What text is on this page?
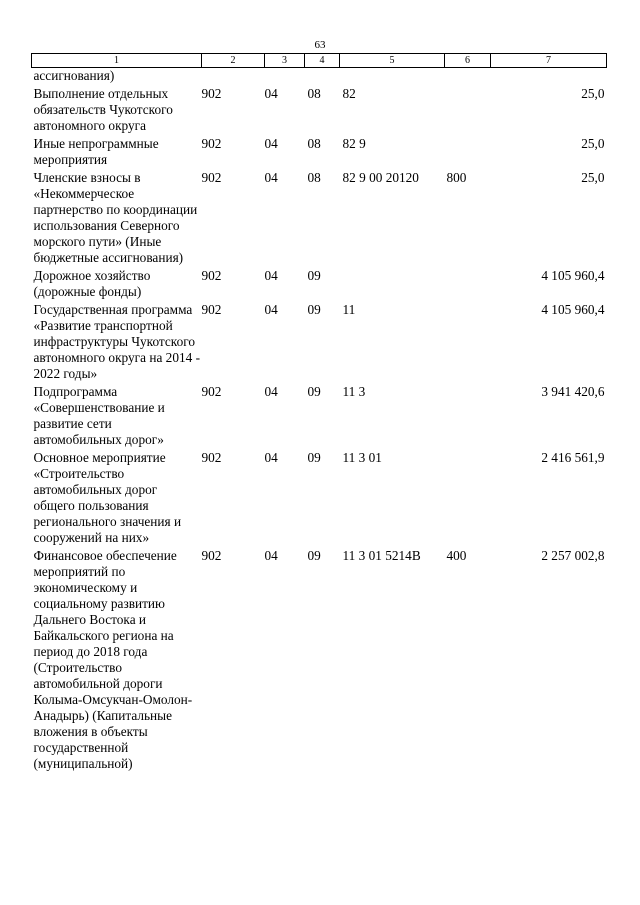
63
1	2	3	4	5	6	7
ассигнования)						
Выполнение отдельных обязательств Чукотского автономного округа	902	04	08	82		25,0
Иные непрограммные мероприятия	902	04	08	82 9		25,0
Членские взносы в «Некоммерческое партнерство по координации использования Северного морского пути» (Иные бюджетные ассигнования)	902	04	08	82 9 00 20120	800	25,0
Дорожное хозяйство (дорожные фонды)	902	04	09			4 105 960,4
Государственная программа «Развитие транспортной инфраструктуры Чукотского автономного округа на 2014 - 2022 годы»	902	04	09	11		4 105 960,4
Подпрограмма «Совершенствование и развитие сети автомобильных дорог»	902	04	09	11 3		3 941 420,6
Основное мероприятие «Строительство автомобильных дорог общего пользования регионального значения и сооружений на них»	902	04	09	11 3 01		2 416 561,9
Финансовое обеспечение мероприятий по экономическому и социальному развитию Дальнего Востока и Байкальского региона на период до 2018 года (Строительство автомобильной дороги Колыма-Омсукчан-Омолон-Анадырь) (Капитальные вложения в объекты государственной (муниципальной)	902	04	09	11 3 01 5214В	400	2 257 002,8
